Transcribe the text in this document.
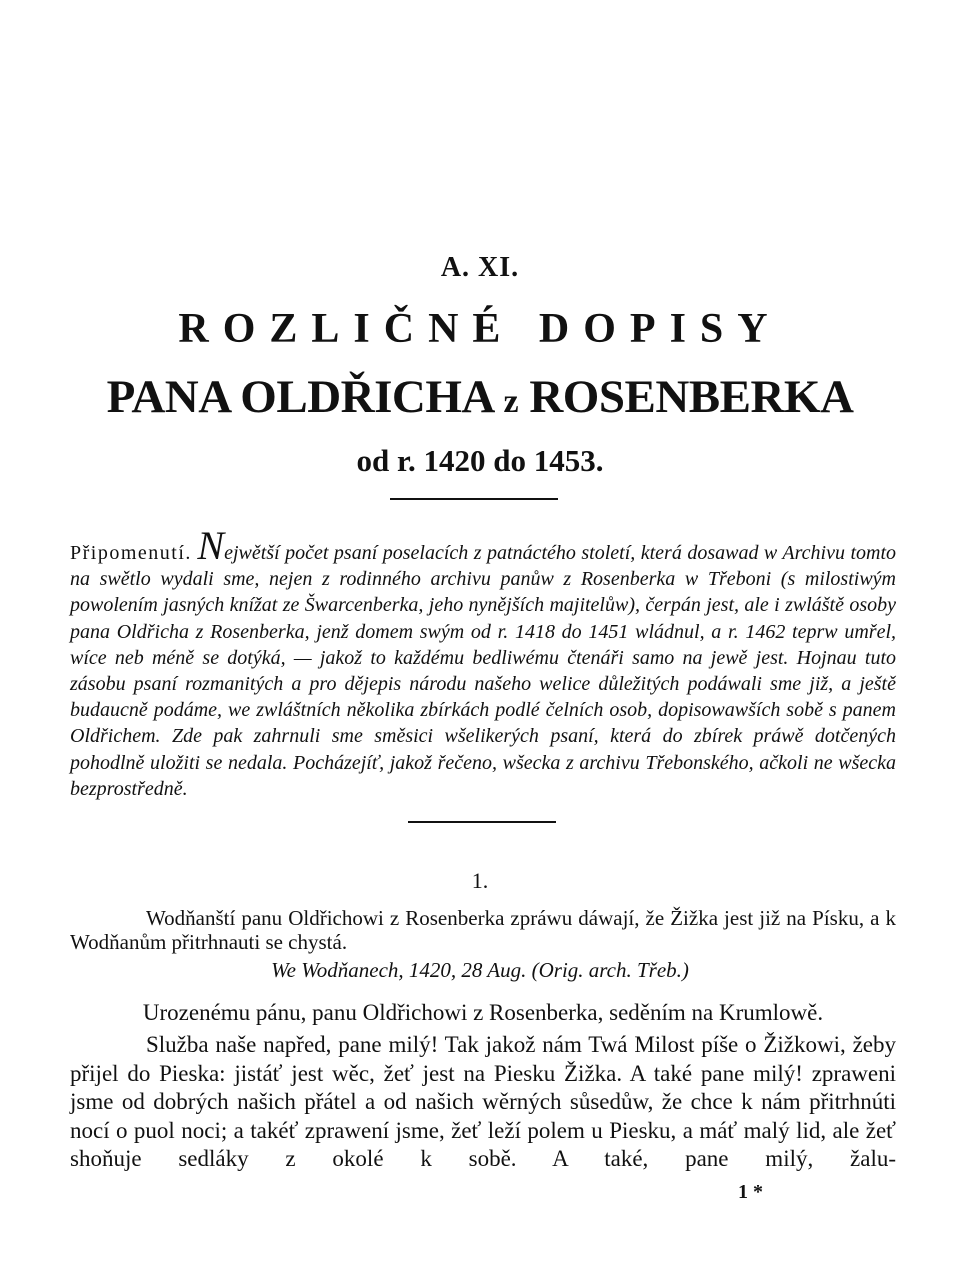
A. XI.
ROZLIČNÉ DOPISY
PANA OLDŘICHA z ROSENBERKA
od r. 1420 do 1453.
Připomenutí. Nejwětší počet psaní poselacích z patnáctého století, která dosawad w Archivu tomto na swětlo wydali sme, nejen z rodinného archivu panůw z Rosenberka w Třeboni (s milostiwým powolením jasných knížat ze Šwarcenberka, jeho nynějších majitelůw), čerpán jest, ale i zwláště osoby pana Oldřicha z Rosenberka, jenž domem swým od r. 1418 do 1451 wládnul, a r. 1462 teprw umřel, wíce neb méně se dotýká, — jakož to každému bedliwému čtenáři samo na jewě jest. Hojnau tuto zásobu psaní rozmanitých a pro dějepis národu našeho welice důležitých podáwali sme již, a ještě budaucně podáme, we zwláštních několika zbírkách podlé čelních osob, dopisowawších sobě s panem Oldřichem. Zde pak zahrnuli sme směsici wšelikerých psaní, která do zbírek práwě dotčených pohodlně uložiti se nedala. Pocházejíť, jakož řečeno, wšecka z archivu Třebonského, ačkoli ne wšecka bezprostředně.
1.
Wodňanští panu Oldřichowi z Rosenberka zpráwu dáwají, že Žižka jest již na Písku, a k Wodňanům přitrhnauti se chystá.
We Wodňanech, 1420, 28 Aug. (Orig. arch. Třeb.)
Urozenému pánu, panu Oldřichowi z Rosenberka, seděním na Krumlowě.
Služba naše napřed, pane milý! Tak jakož nám Twá Milost píše o Žižkowi, žeby přijel do Pieska: jistáť jest wěc, žeť jest na Piesku Žižka. A také pane milý! zpraweni jsme od dobrých našich přátel a od našich wěrných sůsedůw, že chce k nám přitrhnúti nocí o puol noci; a takéť zprawení jsme, žeť leží polem u Piesku, a máť malý lid, ale žeť shoňuje sedláky z okolé k sobě. A také, pane milý, žalu-
1 *
